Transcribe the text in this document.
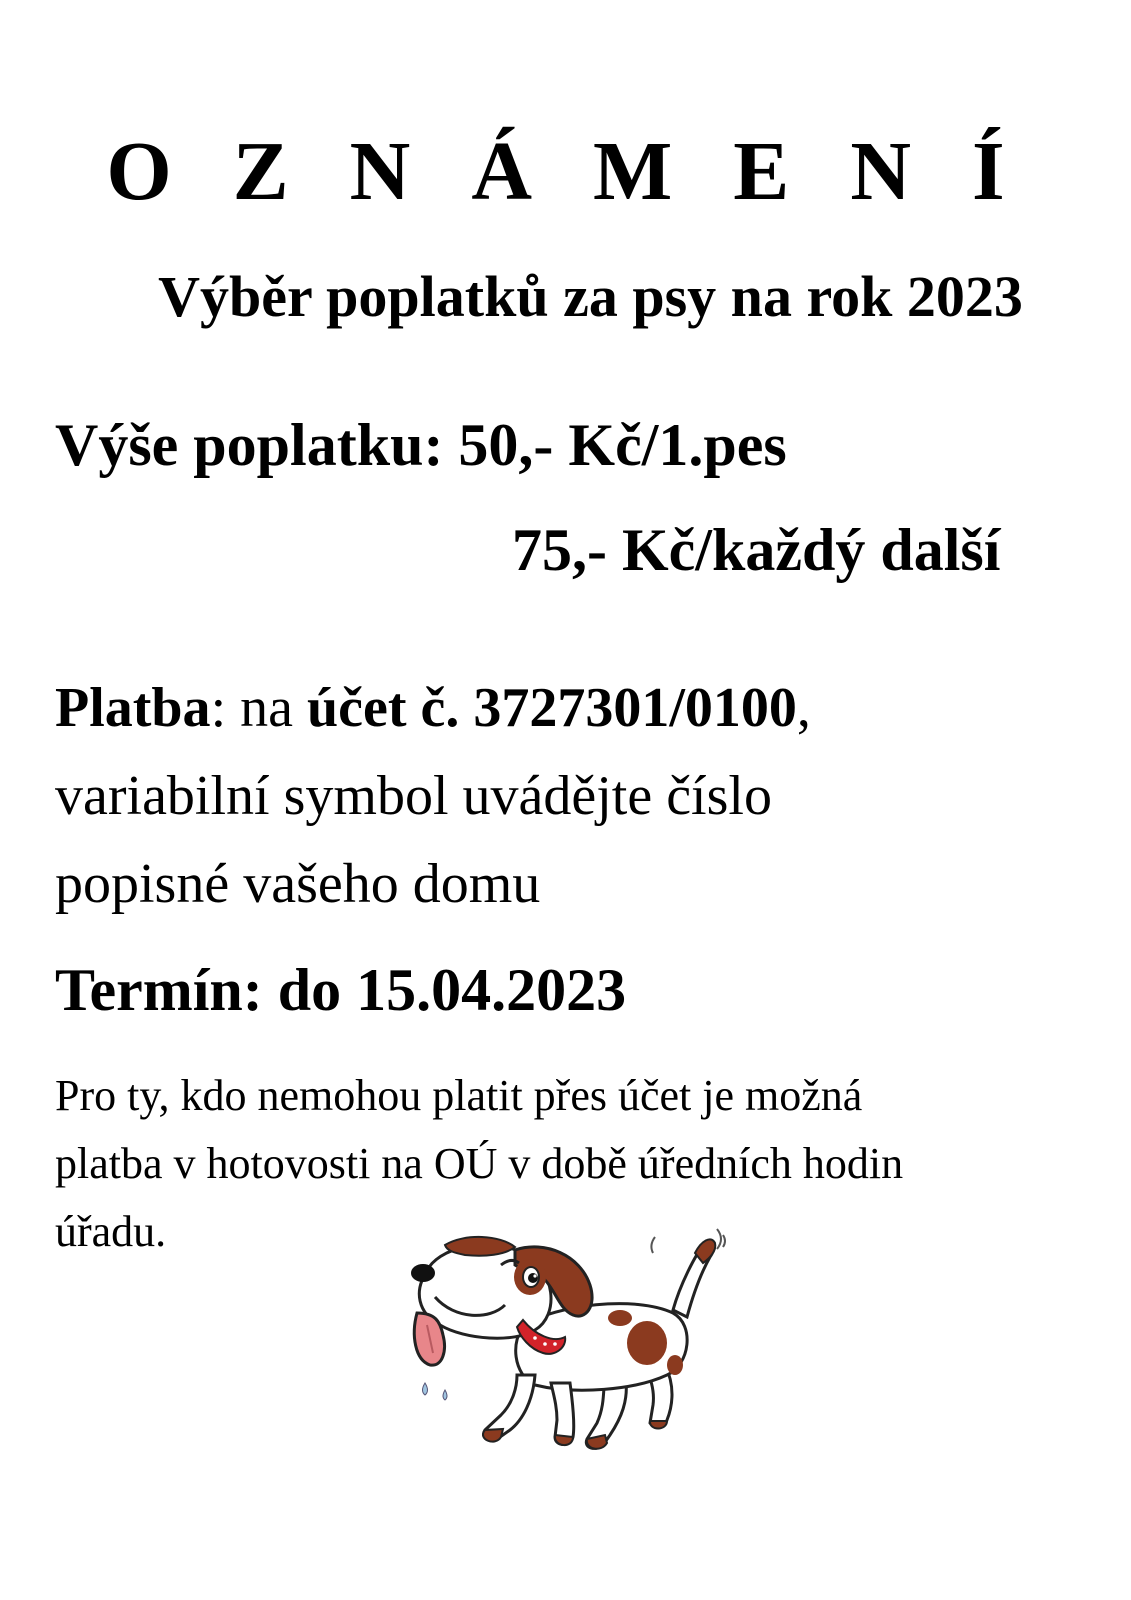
O Z N Á M E N Í
Výběr poplatků za psy na rok 2023
Výše poplatku: 50,- Kč/1.pes
75,- Kč/každý další
Platba: na účet č. 3727301/0100,
variabilní symbol uvádějte číslo
popisné vašeho domu
Termín: do 15.04.2023
Pro ty, kdo nemohou platit přes účet je možná
platba v hotovosti na OÚ v době úředních hodin
úřadu.
